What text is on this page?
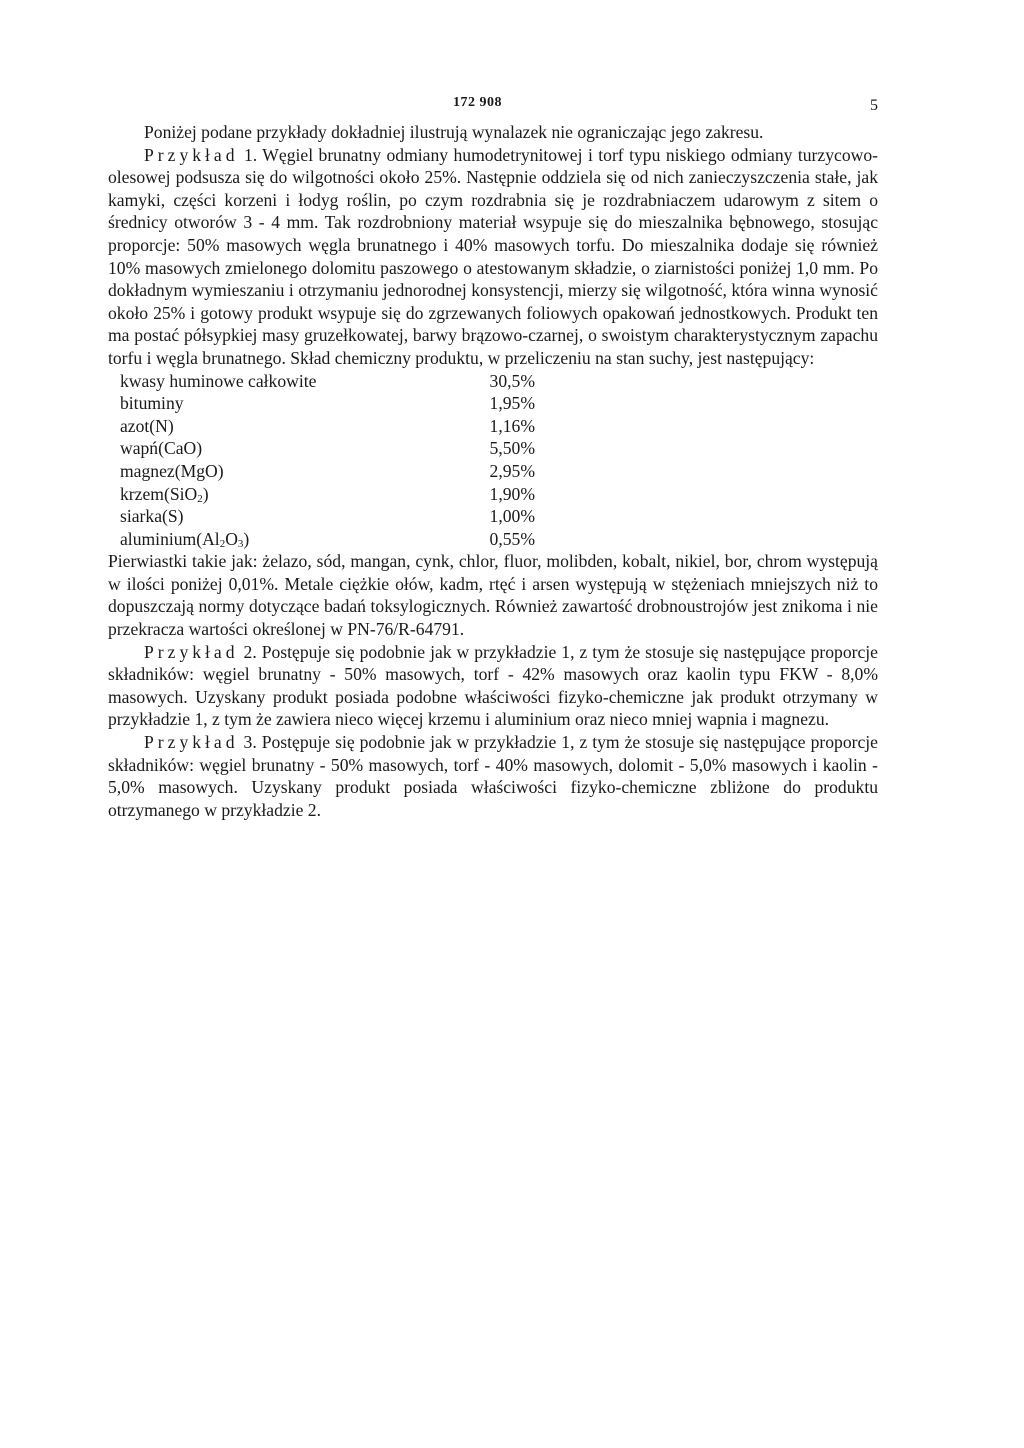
172 908	5

Poniżej podane przykłady dokładniej ilustrują wynalazek nie ograniczając jego zakresu.

Przykład 1. Węgiel brunatny odmiany humodetrynitowej i torf typu niskiego odmiany turzycowo-olesowej podsusza się do wilgotności około 25%. Następnie oddziela się od nich zanieczyszczenia stałe, jak kamyki, części korzeni i łodyg roślin, po czym rozdrabnia się je rozdrabniaczem udarowym z sitem o średnicy otworów 3 - 4 mm. Tak rozdrobniony materiał wsypuje się do mieszalnika bębnowego, stosując proporcje: 50% masowych węgla brunatnego i 40% masowych torfu. Do mieszalnika dodaje się również 10% masowych zmielonego dolomitu paszowego o atestowanym składzie, o ziarnistości poniżej 1,0 mm. Po dokładnym wymieszaniu i otrzymaniu jednorodnej konsystencji, mierzy się wilgotność, która winna wynosić około 25% i gotowy produkt wsypuje się do zgrzewanych foliowych opakowań jednostkowych. Produkt ten ma postać półsypkiej masy gruzełkowatej, barwy brązowo-czarnej, o swoistym charakterystycznym zapachu torfu i węgla brunatnego. Skład chemiczny produktu, w przeliczeniu na stan suchy, jest następujący:

kwasy huminowe całkowite	30,5%
bituminy	1,95%
azot(N)	1,16%
wapń(CaO)	5,50%
magnez(MgO)	2,95%
krzem(SiO$_2$)	1,90%
siarka(S)	1,00%
$aluminium(Al_2O_3)$	0,55%

Pierwiastki takie jak: żelazo, sód, mangan, cynk, chlor, fluor, molibden, kobalt, nikiel, bor, chrom występują w ilości poniżej 0,01%. Metale ciężkie ołów, kadm, rtęć i arsen występują w stężeniach mniejszych niż to dopuszczają normy dotyczące badań toksylogicznych. Również zawartość drobnoustrojów jest znikoma i nie przekracza wartości określonej w PN-76/R-64791.

Przykład 2. Postępuje się podobnie jak w przykładzie 1, z tym że stosuje się następujące proporcje składników: węgiel brunatny - 50% masowych, torf - 42% masowych oraz kaolin typu FKW - 8,0% masowych. Uzyskany produkt posiada podobne właściwości fizyko-chemiczne jak produkt otrzymany w przykładzie 1, z tym że zawiera nieco więcej krzemu i aluminium oraz nieco mniej wapnia i magnezu.

Przykład 3. Postępuje się podobnie jak w przykładzie 1, z tym że stosuje się następujące proporcje składników: węgiel brunatny - 50% masowych, torf - 40% masowych, dolomit - 5,0% masowych i kaolin - 5,0% masowych. Uzyskany produkt posiada właściwości fizyko-chemiczne zbliżone do produktu otrzymanego w przykładzie 2.
